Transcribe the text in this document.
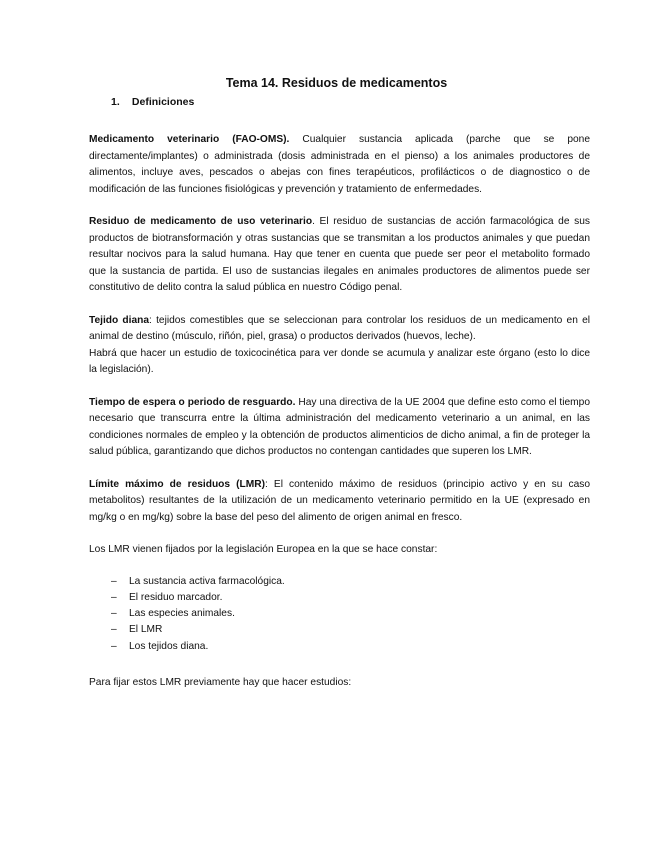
Tema 14. Residuos de medicamentos
1. Definiciones

Medicamento veterinario (FAO-OMS). Cualquier sustancia aplicada (parche que se pone directamente/implantes) o administrada (dosis administrada en el pienso) a los animales productores de alimentos, incluye aves, pescados o abejas con fines terapéuticos, profilácticos o de diagnostico o de modificación de las funciones fisiológicas y prevención y tratamiento de enfermedades.

Residuo de medicamento de uso veterinario. El residuo de sustancias de acción farmacológica de sus productos de biotransformación y otras sustancias que se transmitan a los productos animales y que puedan resultar nocivos para la salud humana. Hay que tener en cuenta que puede ser peor el metabolito formado que la sustancia de partida. El uso de sustancias ilegales en animales productores de alimentos puede ser constitutivo de delito contra la salud pública en nuestro Código penal.

Tejido diana: tejidos comestibles que se seleccionan para controlar los residuos de un medicamento en el animal de destino (músculo, riñón, piel, grasa) o productos derivados (huevos, leche).

Habrá que hacer un estudio de toxicocinética para ver donde se acumula y analizar este órgano (esto lo dice la legislación).

Tiempo de espera o periodo de resguardo. Hay una directiva de la UE 2004 que define esto como el tiempo necesario que transcurra entre la última administración del medicamento veterinario a un animal, en las condiciones normales de empleo y la obtención de productos alimenticios de dicho animal, a fin de proteger la salud pública, garantizando que dichos productos no contengan cantidades que superen los LMR.

Límite máximo de residuos (LMR): El contenido máximo de residuos (principio activo y en su caso metabolitos) resultantes de la utilización de un medicamento veterinario permitido en la UE (expresado en mg/kg o en mg/kg) sobre la base del peso del alimento de origen animal en fresco.

Los LMR vienen fijados por la legislación Europea en la que se hace constar:

– La sustancia activa farmacológica.
– El residuo marcador.
– Las especies animales.
– El LMR
– Los tejidos diana.

Para fijar estos LMR previamente hay que hacer estudios:
